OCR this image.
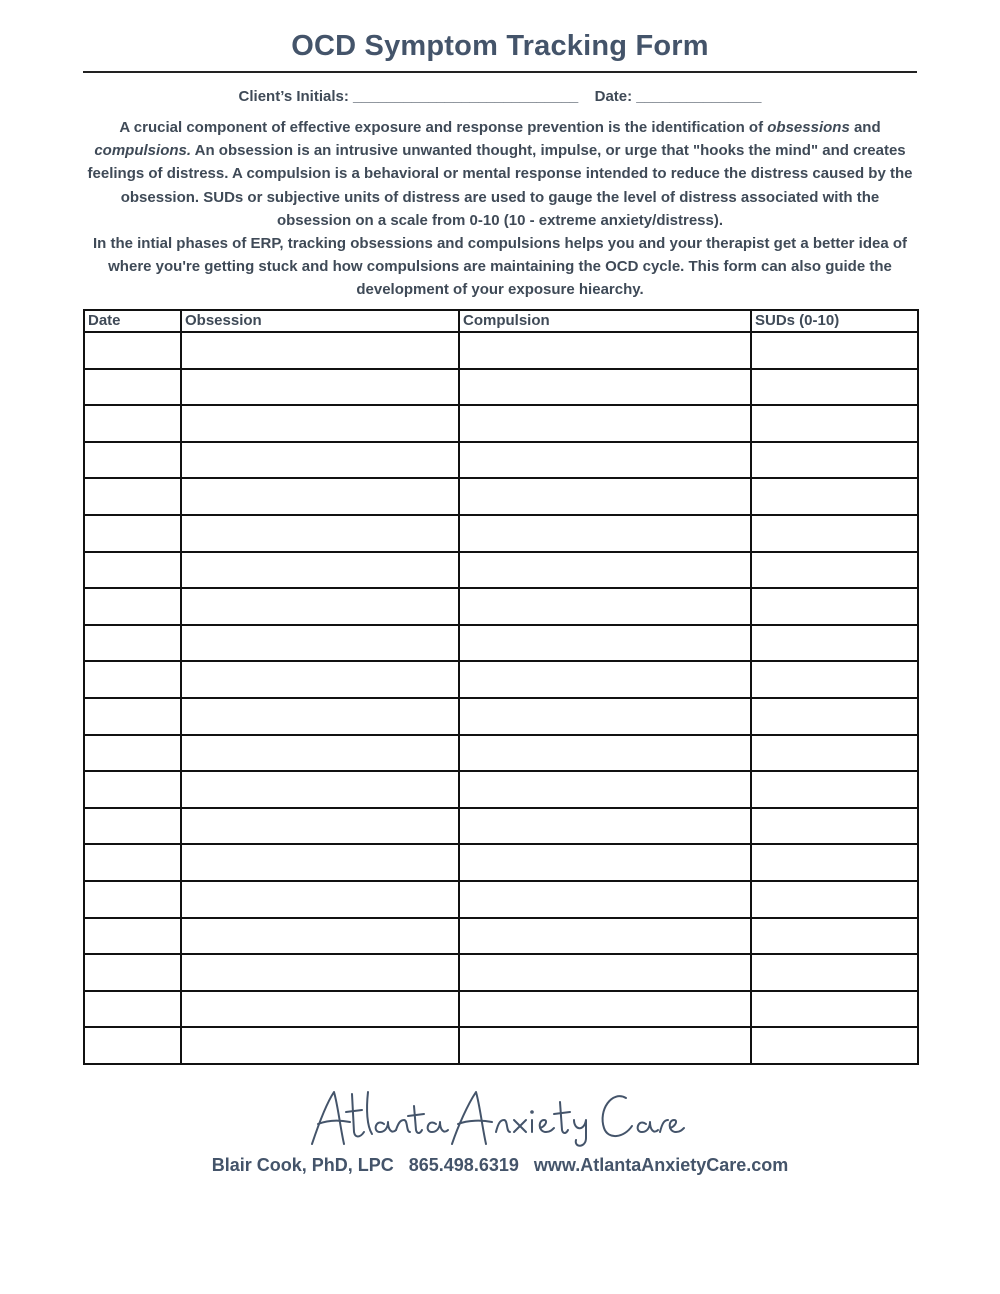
OCD Symptom Tracking Form
Client’s Initials: ___________________________ Date: _______________

A crucial component of effective exposure and response prevention is the identification of obsessions and compulsions. An obsession is an intrusive unwanted thought, impulse, or urge that "hooks the mind" and creates feelings of distress. A compulsion is a behavioral or mental response intended to reduce the distress caused by the obsession. SUDs or subjective units of distress are used to gauge the level of distress associated with the obsession on a scale from 0-10 (10 - extreme anxiety/distress).

In the intial phases of ERP, tracking obsessions and compulsions helps you and your therapist get a better idea of where you're getting stuck and how compulsions are maintaining the OCD cycle. This form can also guide the development of your exposure hiearchy.

Date	Obsession	Compulsion	SUDs (0-10)

Blair Cook, PhD, LPC 865.498.6319 www.AtlantaAnxietyCare.com
